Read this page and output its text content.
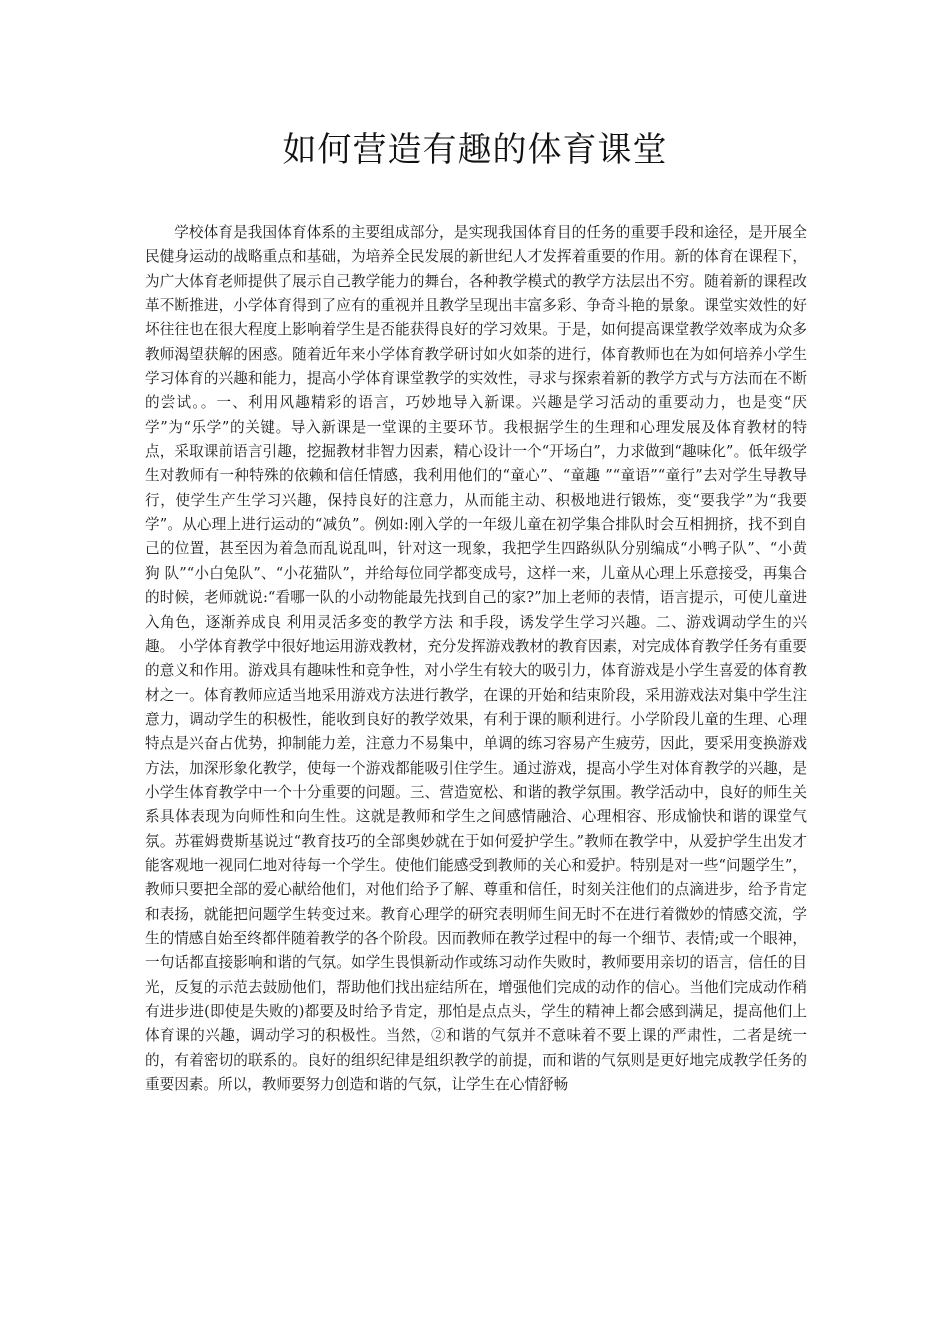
如何营造有趣的体育课堂

学校体育是我国体育体系的主要组成部分，是实现我国体育目的任务的重要手段和途径，是开展全民健身运动的战略重点和基础，为培养全民发展的新世纪人才发挥着重要的作用。新的体育在课程下，为广大体育老师提供了展示自己教学能力的舞台，各种教学模式的教学方法层出不穷。随着新的课程改革不断推进，小学体育得到了应有的重视并且教学呈现出丰富多彩、争奇斗艳的景象。课堂实效性的好坏往往也在很大程度上影响着学生是否能获得良好的学习效果。于是，如何提高课堂教学效率成为众多教师渴望获解的困惑。随着近年来小学体育教学研讨如火如荼的进行，体育教师也在为如何培养小学生学习体育的兴趣和能力，提高小学体育课堂教学的实效性，寻求与探索着新的教学方式与方法而在不断的尝试。。一、利用风趣精彩的语言，巧妙地导入新课。兴趣是学习活动的重要动力，也是变“厌学”为“乐学”的关键。导入新课是一堂课的主要环节。我根据学生的生理和心理发展及体育教材的特点，采取课前语言引趣，挖掘教材非智力因素，精心设计一个“开场白”，力求做到“趣味化”。低年级学生对教师有一种特殊的依赖和信任情感，我利用他们的“童心”、“童趣 ”“童语”“童行”去对学生导教导行，使学生产生学习兴趣，保持良好的注意力，从而能主动、积极地进行锻炼，变“要我学”为“我要学”。从心理上进行运动的“减负”。例如:刚入学的一年级儿童在初学集合排队时会互相拥挤，找不到自己的位置，甚至因为着急而乱说乱叫，针对这一现象，我把学生四路纵队分别编成“小鸭子队”、“小黄狗 队”“小白兔队”、“小花猫队”，并给每位同学都变成号，这样一来，儿童从心理上乐意接受，再集合的时候，老师就说:“看哪一队的小动物能最先找到自己的家?”加上老师的表情，语言提示，可使儿童进入角色，逐渐养成良 利用灵活多变的教学方法 和手段，诱发学生学习兴趣。二、游戏调动学生的兴趣。 小学体育教学中很好地运用游戏教材，充分发挥游戏教材的教育因素，对完成体育教学任务有重要的意义和作用。游戏具有趣味性和竞争性，对小学生有较大的吸引力，体育游戏是小学生喜爱的体育教材之一。体育教师应适当地采用游戏方法进行教学，在课的开始和结束阶段，采用游戏法对集中学生注意力，调动学生的积极性，能收到良好的教学效果，有利于课的顺利进行。小学阶段儿童的生理、心理特点是兴奋占优势，抑制能力差，注意力不易集中，单调的练习容易产生疲劳，因此，要采用变换游戏方法，加深形象化教学，使每一个游戏都能吸引住学生。通过游戏，提高小学生对体育教学的兴趣，是小学生体育教学中一个十分重要的问题。三、营造宽松、和谐的教学氛围。教学活动中，良好的师生关系具体表现为向师性和向生性。这就是教师和学生之间感情融洽、心理相容、形成愉快和谐的课堂气氛。苏霍姆费斯基说过“教育技巧的全部奥妙就在于如何爱护学生。”教师在教学中，从爱护学生出发才能客观地一视同仁地对待每一个学生。使他们能感受到教师的关心和爱护。特别是对一些“问题学生”，教师只要把全部的爱心献给他们，对他们给予了解、尊重和信任，时刻关注他们的点滴进步，给予肯定和表扬，就能把问题学生转变过来。教育心理学的研究表明师生间无时不在进行着微妙的情感交流，学生的情感自始至终都伴随着教学的各个阶段。因而教师在教学过程中的每一个细节、表情;或一个眼神，一句话都直接影响和谐的气氛。如学生畏惧新动作或练习动作失败时，教师要用亲切的语言，信任的目光，反复的示范去鼓励他们，帮助他们找出症结所在，增强他们完成的动作的信心。当他们完成动作稍有进步进(即使是失败的)都要及时给予肯定，那怕是点点头，学生的精神上都会感到满足，提高他们上体育课的兴趣，调动学习的积极性。当然，②和谐的气氛并不意味着不要上课的严肃性，二者是统一的，有着密切的联系的。良好的组织纪律是组织教学的前提，而和谐的气氛则是更好地完成教学任务的重要因素。所以，教师要努力创造和谐的气氛，让学生在心情舒畅
